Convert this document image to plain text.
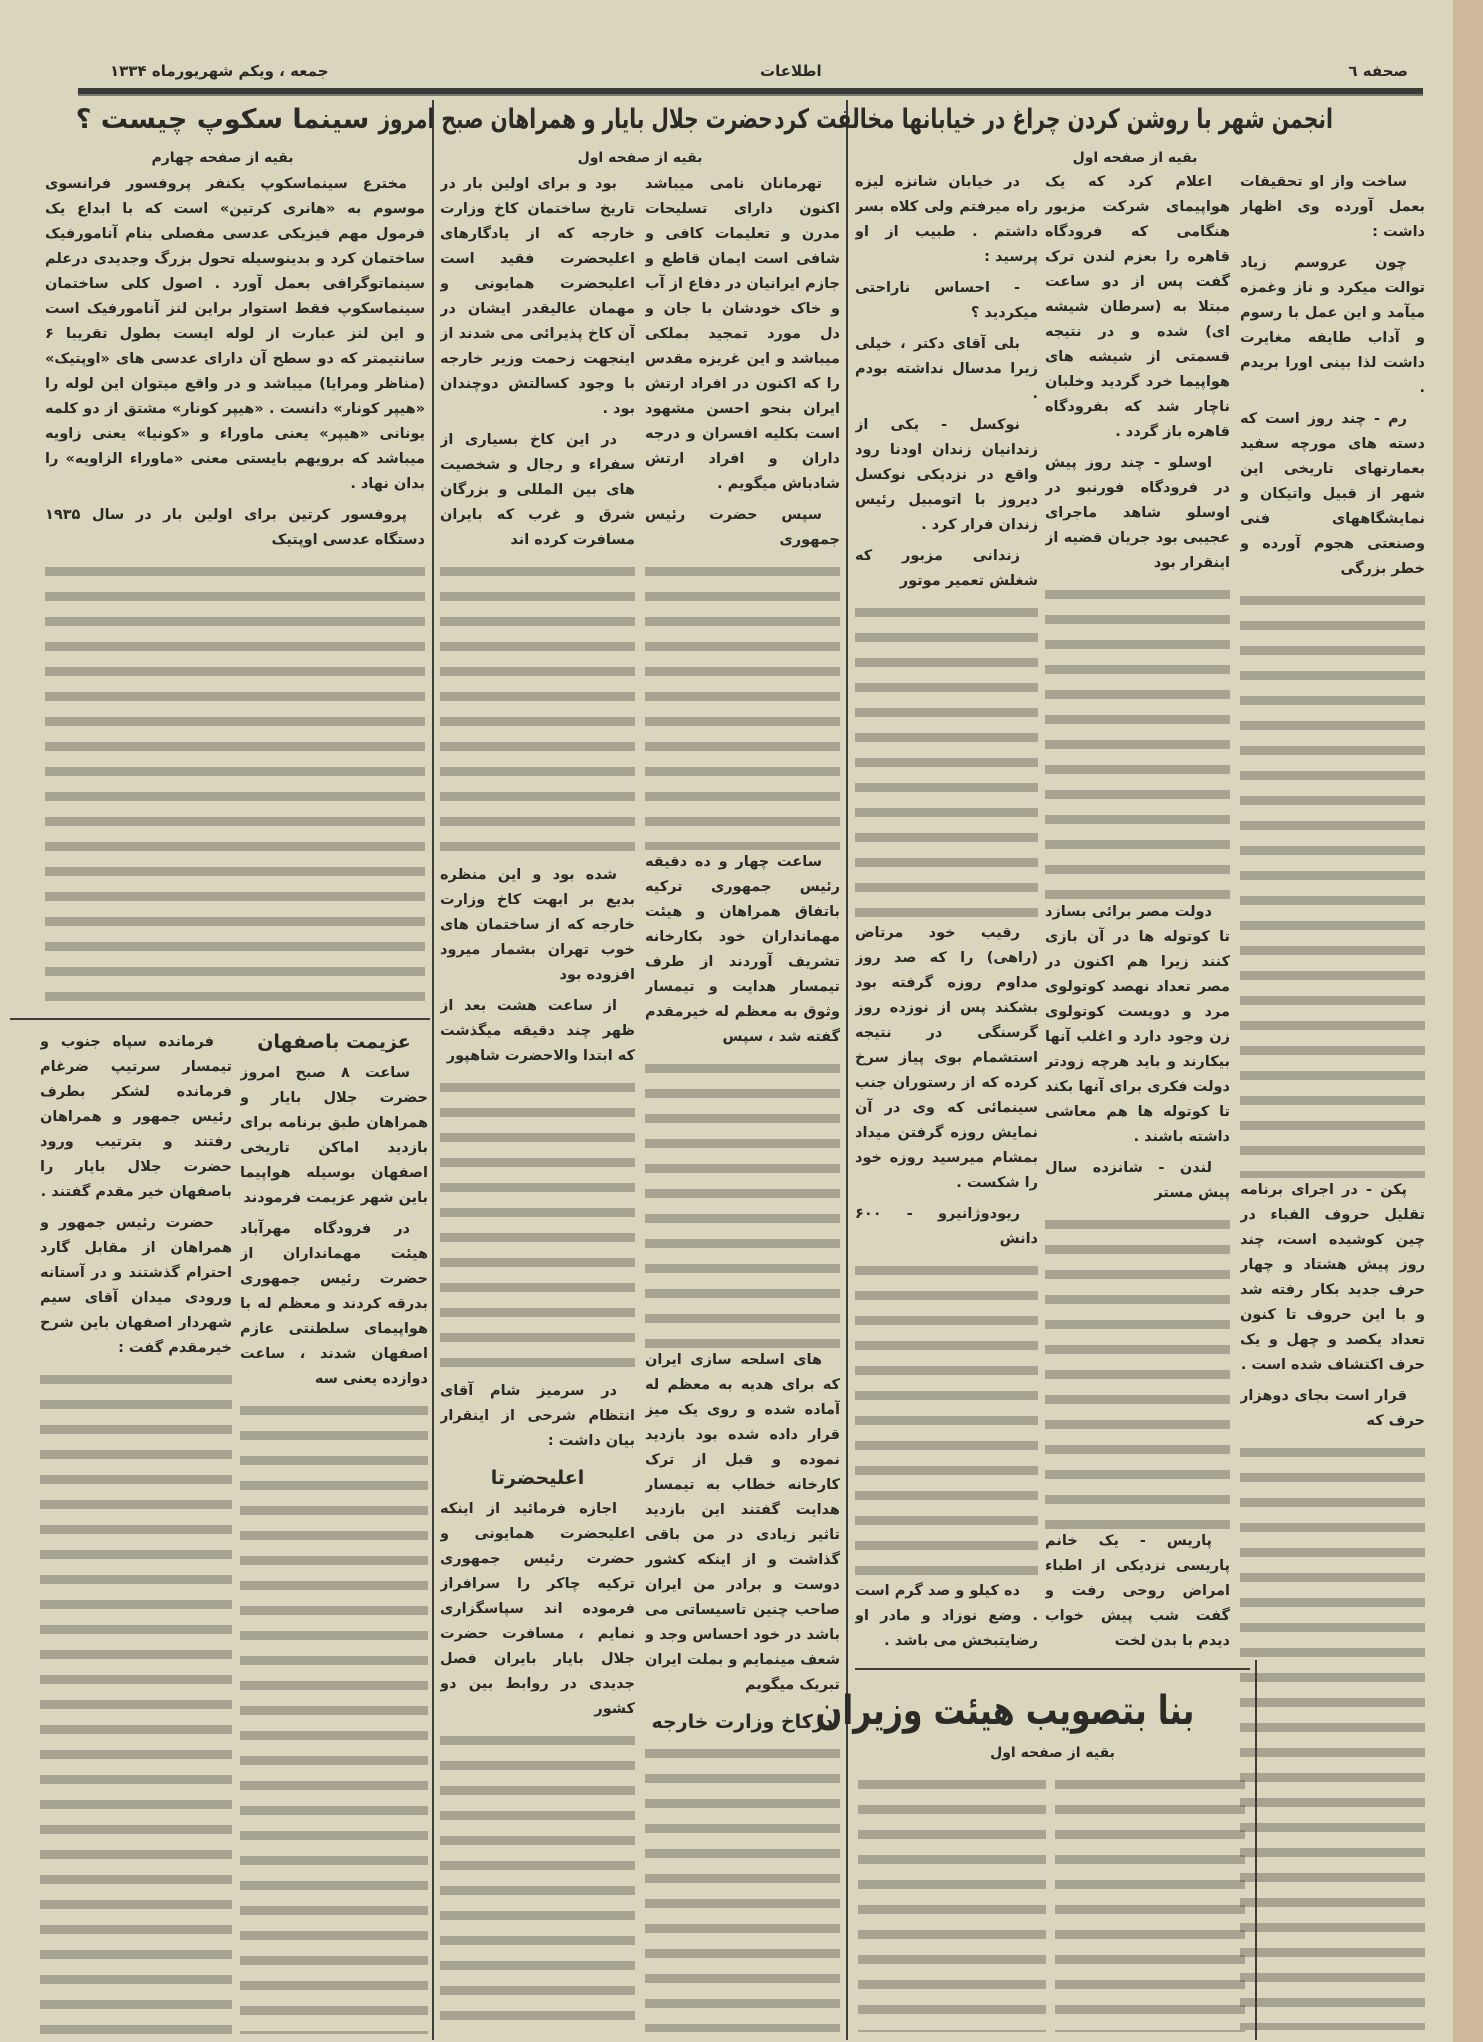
صحفه ٦
اطلاعات
جمعه ، ویکم شهریورماه ۱۳۳۴
انجمن شهر با روشن کردن چراغ در خیابانها مخالفت کرد
بقیه از صفحه اول

ساخت واز او تحقیقات بعمل آورده وی اظهار داشت :

چون عروسم زیاد توالت میکرد و ناز وغمزه میآمد و این عمل با رسوم و آداب طایفه مغایرت داشت لذا بینی اورا بریدم .

رم - چند روز است که دسته های مورچه سفید بعمارتهای تاریخی این شهر از قبیل واتیکان و نمایشگاههای فنی وصنعتی هجوم آورده و خطر بزرگی

پکن - در اجرای برنامه تقلیل حروف الفباء در چین کوشیده است، چند روز پیش هشتاد و چهار حرف جدید بکار رفته شد و با این حروف تا کنون تعداد یکصد و چهل و یک حرف اکتشاف شده است .

قرار است بجای دوهزار حرف که

اعلام کرد که یک هواپیمای شرکت مزبور هنگامی که فرودگاه قاهره را بعزم لندن ترک گفت پس از دو ساعت مبتلا به (سرطان شیشه ای) شده و در نتیجه قسمتی از شیشه های هواپیما خرد گردید وخلبان ناچار شد که بفرودگاه قاهره باز گردد .

اوسلو - چند روز پیش در فرودگاه فورنبو در اوسلو شاهد ماجرای عجیبی بود جریان قضیه از اینقرار بود

دولت مصر برائی بسازد تا کوتوله ها در آن بازی کنند زیرا هم اکنون در مصر تعداد نهصد کوتولوی مرد و دویست کوتولوی زن وجود دارد و اغلب آنها بیکارند و باید هرچه زودتر دولت فکری برای آنها بکند تا کوتوله ها هم معاشی داشته باشند .

لندن - شانزده سال پیش مستر

پاریس - یک خانم پاریسی نزدیکی از اطباء امراض روحی رفت و گفت شب پیش خواب دیدم با بدن لخت

در خیابان شانزه لیزه راه میرفتم ولی کلاه بسر داشتم . طبیب از او پرسید :

- احساس ناراحتی میکردید ؟

بلی آقای دکتر ، خیلی زیرا مدسال نداشته بودم .

نوکسل - یکی از زندانیان زندان اودنا رود واقع در نزدیکی نوکسل دیروز با اتومبیل رئیس زندان فرار کرد .

زندانی مزبور که شغلش تعمیر موتور

رقیب خود مرتاض (راهی) را که صد روز مداوم روزه گرفته بود بشکند پس از نوزده روز گرسنگی در نتیجه استشمام بوی پیاز سرخ کرده که از رستوران جنب سینمائی که وی در آن نمایش روزه گرفتن میداد بمشام میرسید روزه خود را شکست .

ریودوژانیرو - ۶۰۰ دانش

ده کیلو و صد گرم است . وضع نوزاد و مادر او رضایتبخش می باشد .

بنا بتصویب هیئت وزیران
بقیه از صفحه اول
حضرت جلال بایار و همراهان صبح امروز
بقیه از صفحه اول

تهرمانان نامی میباشد اکنون دارای تسلیحات مدرن و تعلیمات کافی و شافی است ایمان قاطع و جازم ایرانیان در دفاع از آب و خاک خودشان با جان و دل مورد تمجید بملکی میباشد و این غریزه مقدس را که اکنون در افراد ارتش ایران بنحو احسن مشهود است بکلیه افسران و درجه داران و افراد ارتش شادباش میگویم .

سپس حضرت رئیس جمهوری

ساعت چهار و ده دقیقه رئیس جمهوری ترکیه باتفاق همراهان و هیئت مهمانداران خود بکارخانه تشریف آوردند از طرف تیمسار هدایت و تیمسار وثوق به معظم له خیرمقدم گفته شد ، سپس

های اسلحه سازی ایران که برای هدیه به معظم له آماده شده و روی یک میز قرار داده شده بود بازدید نموده و قبل از ترک کارخانه خطاب به تیمسار هدایت گفتند این بازدید تاثیر زیادی در من باقی گذاشت و از اینکه کشور دوست و برادر من ایران صاحب چنین تاسیساتی می باشد در خود احساس وجد و شعف مینمایم و بملت ایران تبریک میگویم

درکاخ وزارت خارجه

بود و برای اولین بار در تاریخ ساختمان کاخ وزارت خارجه که از یادگارهای اعلیحضرت فقید است اعلیحضرت همایونی و مهمان عالیقدر ایشان در آن کاخ پذیرائی می شدند از اینجهت زحمت وزیر خارجه با وجود کسالتش دوچندان بود .

در این کاخ بسیاری از سفراء و رجال و شخصیت های بین المللی و بزرگان شرق و غرب که بایران مسافرت کرده اند

شده بود و این منظره بدیع بر ابهت کاخ وزارت خارجه که از ساختمان های خوب تهران بشمار میرود افزوده بود

از ساعت هشت بعد از ظهر چند دقیقه میگذشت که ابتدا والاحضرت شاهپور

در سرمیز شام آقای انتظام شرحی از اینقرار بیان داشت :

اعلیحضرتا

اجازه فرمائید از اینکه اعلیحضرت همایونی و حضرت رئیس جمهوری ترکیه چاکر را سرافراز فرموده اند سپاسگزاری نمایم ، مسافرت حضرت جلال بایار بایران فصل جدیدی در روابط بین دو کشور

سینما سکوپ چیست ؟
بقیه از صفحه چهارم

مخترع سینماسکوپ یکنفر پروفسور فرانسوی موسوم به «هانری کرتین» است که با ابداع یک فرمول مهم فیزیکی عدسی مفصلی بنام آنامورفیک ساختمان کرد و بدینوسیله تحول بزرگ وجدیدی درعلم سینماتوگرافی بعمل آورد . اصول کلی ساختمان سینماسکوپ فقط استوار براین لنز آنامورفیک است و این لنز عبارت از لوله ایست بطول تقریبا ۶ سانتیمتر که دو سطح آن دارای عدسی های «اوپتیک» (مناظر ومرایا) میباشد و در واقع میتوان این لوله را «هیپر کونار» دانست . «هیپر کونار» مشتق از دو کلمه یونانی «هیپر» یعنی ماوراء و «کونیا» یعنی زاویه میباشد که برویهم بایستی معنی «ماوراء الزاویه» را بدان نهاد .

پروفسور کرتین برای اولین بار در سال ۱۹۳۵ دستگاه عدسی اوپتیک

عزیمت باصفهان

ساعت ۸ صبح امروز حضرت جلال بایار و همراهان طبق برنامه برای بازدید اماکن تاریخی اصفهان بوسیله هواپیما باین شهر عزیمت فرمودند

در فرودگاه مهرآباد هیئت مهمانداران از حضرت رئیس جمهوری بدرقه کردند و معظم له با هواپیمای سلطنتی عازم اصفهان شدند ، ساعت دوازده یعنی سه

فرمانده سپاه جنوب و تیمسار سرتیپ ضرغام فرمانده لشکر بطرف رئیس جمهور و همراهان رفتند و بترتیب ورود حضرت جلال بایار را باصفهان خیر مقدم گفتند .

حضرت رئیس جمهور و همراهان از مقابل گارد احترام گذشتند و در آستانه ورودی میدان آقای سیم شهردار اصفهان باین شرح خیرمقدم گفت :
